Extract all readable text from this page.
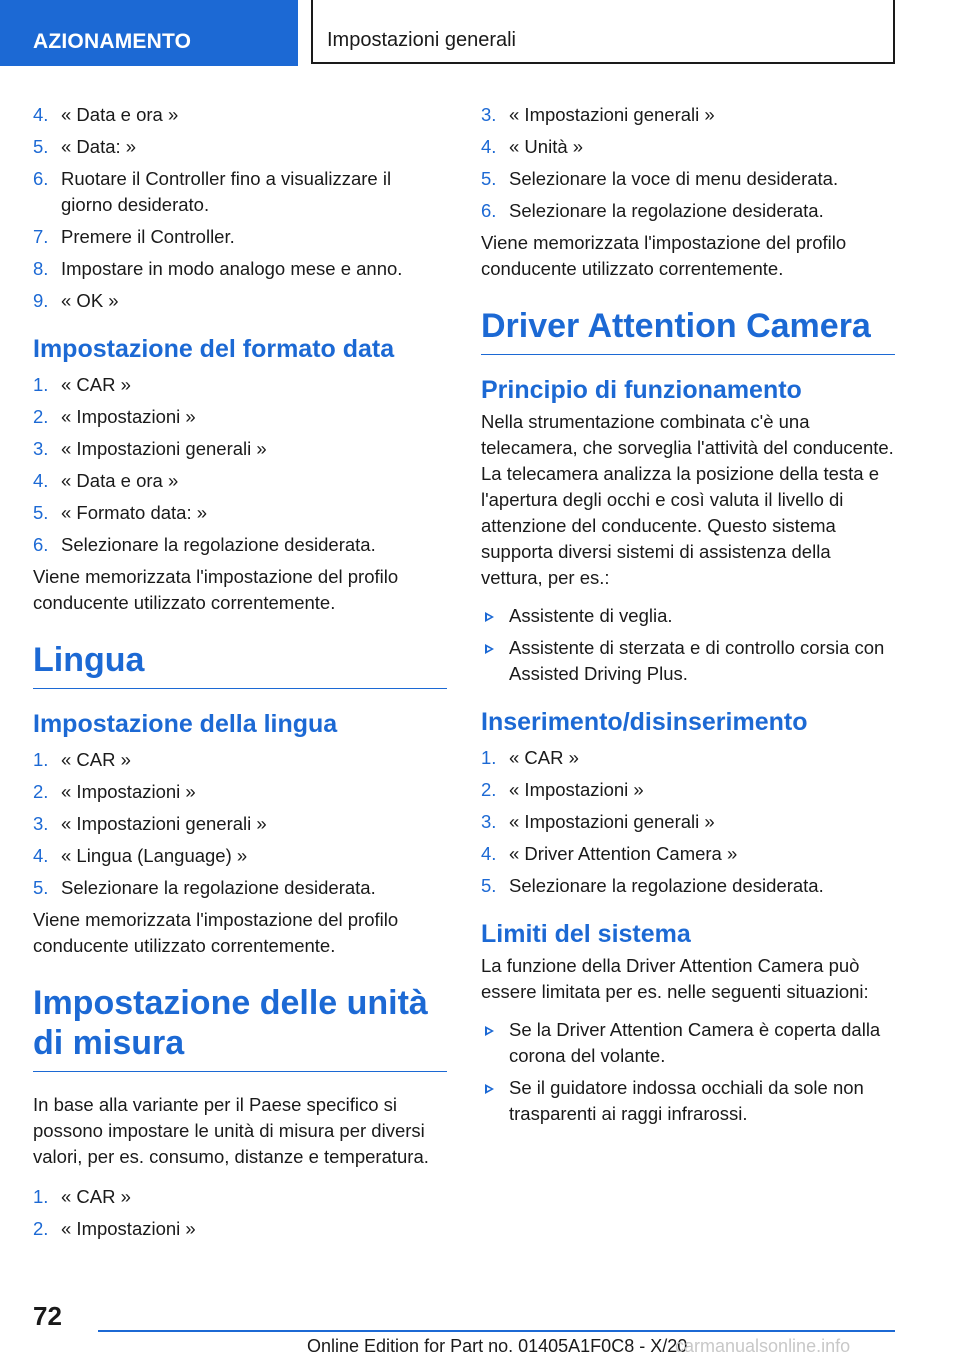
AZIONAMENTO	Impostazioni generali
4. « Data e ora »
5. « Data: »
6. Ruotare il Controller fino a visualizzare il giorno desiderato.
7. Premere il Controller.
8. Impostare in modo analogo mese e anno.
9. « OK »
Impostazione del formato data
1. « CAR »
2. « Impostazioni »
3. « Impostazioni generali »
4. « Data e ora »
5. « Formato data: »
6. Selezionare la regolazione desiderata.
Viene memorizzata l'impostazione del profilo conducente utilizzato correntemente.
Lingua
Impostazione della lingua
1. « CAR »
2. « Impostazioni »
3. « Impostazioni generali »
4. « Lingua (Language) »
5. Selezionare la regolazione desiderata.
Viene memorizzata l'impostazione del profilo conducente utilizzato correntemente.
Impostazione delle unità di misura
In base alla variante per il Paese specifico si possono impostare le unità di misura per diversi valori, per es. consumo, distanze e temperatura.
1. « CAR »
2. « Impostazioni »
3. « Impostazioni generali »
4. « Unità »
5. Selezionare la voce di menu desiderata.
6. Selezionare la regolazione desiderata.
Viene memorizzata l'impostazione del profilo conducente utilizzato correntemente.
Driver Attention Camera
Principio di funzionamento
Nella strumentazione combinata c'è una telecamera, che sorveglia l'attività del conducente. La telecamera analizza la posizione della testa e l'apertura degli occhi e così valuta il livello di attenzione del conducente. Questo sistema supporta diversi sistemi di assistenza della vettura, per es.:
Assistente di veglia.
Assistente di sterzata e di controllo corsia con Assisted Driving Plus.
Inserimento/disinserimento
1. « CAR »
2. « Impostazioni »
3. « Impostazioni generali »
4. « Driver Attention Camera »
5. Selezionare la regolazione desiderata.
Limiti del sistema
La funzione della Driver Attention Camera può essere limitata per es. nelle seguenti situazioni:
Se la Driver Attention Camera è coperta dalla corona del volante.
Se il guidatore indossa occhiali da sole non trasparenti ai raggi infrarossi.
72
Online Edition for Part no. 01405A1F0C8 - X/20
carmanualsonline.info
